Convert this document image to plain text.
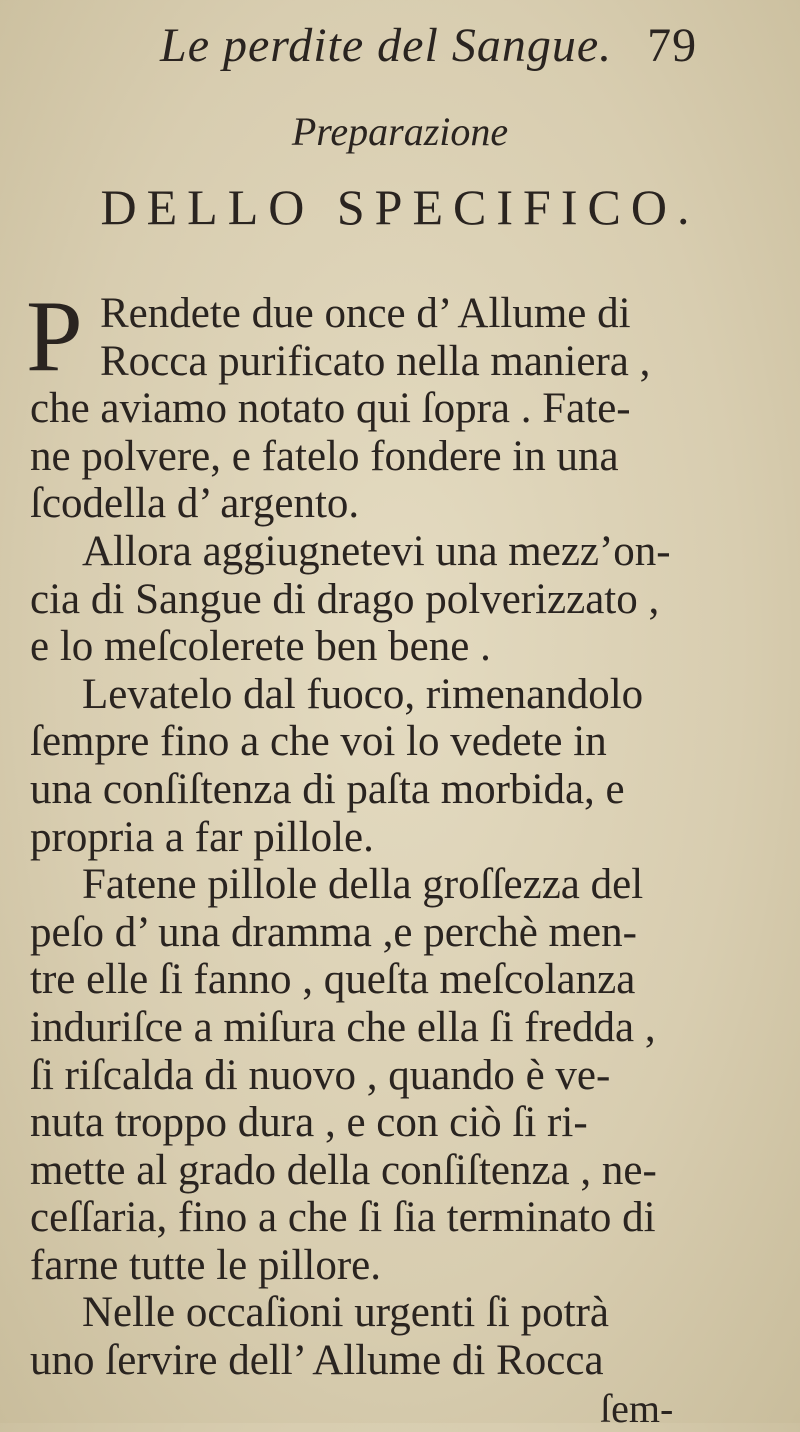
Le perdite del Sangue. 79
Preparazione
DELLO SPECIFICO.
P Rendete due once d’ Allume di
Rocca purificato nella maniera ,
che aviamo notato qui ſopra . Fate-
ne polvere, e fatelo fondere in una
ſcodella d’ argento.
Allora aggiugnetevi una mezz’on-
cia di Sangue di drago polverizzato ,
e lo meſcolerete ben bene .
Levatelo dal fuoco, rimenandolo
ſempre fino a che voi lo vedete in
una conſiſtenza di paſta morbida, e
propria a far pillole.
Fatene pillole della groſſezza del
peſo d’ una dramma ,e perchè men-
tre elle ſi fanno , queſta meſcolanza
induriſce a miſura che ella ſi fredda ,
ſi riſcalda di nuovo , quando è ve-
nuta troppo dura , e con ciò ſi ri-
mette al grado della conſiſtenza , ne-
ceſſaria, fino a che ſi ſia terminato di
farne tutte le pillore.
Nelle occaſioni urgenti ſi potrà
uno ſervire dell’ Allume di Rocca
ſem-
